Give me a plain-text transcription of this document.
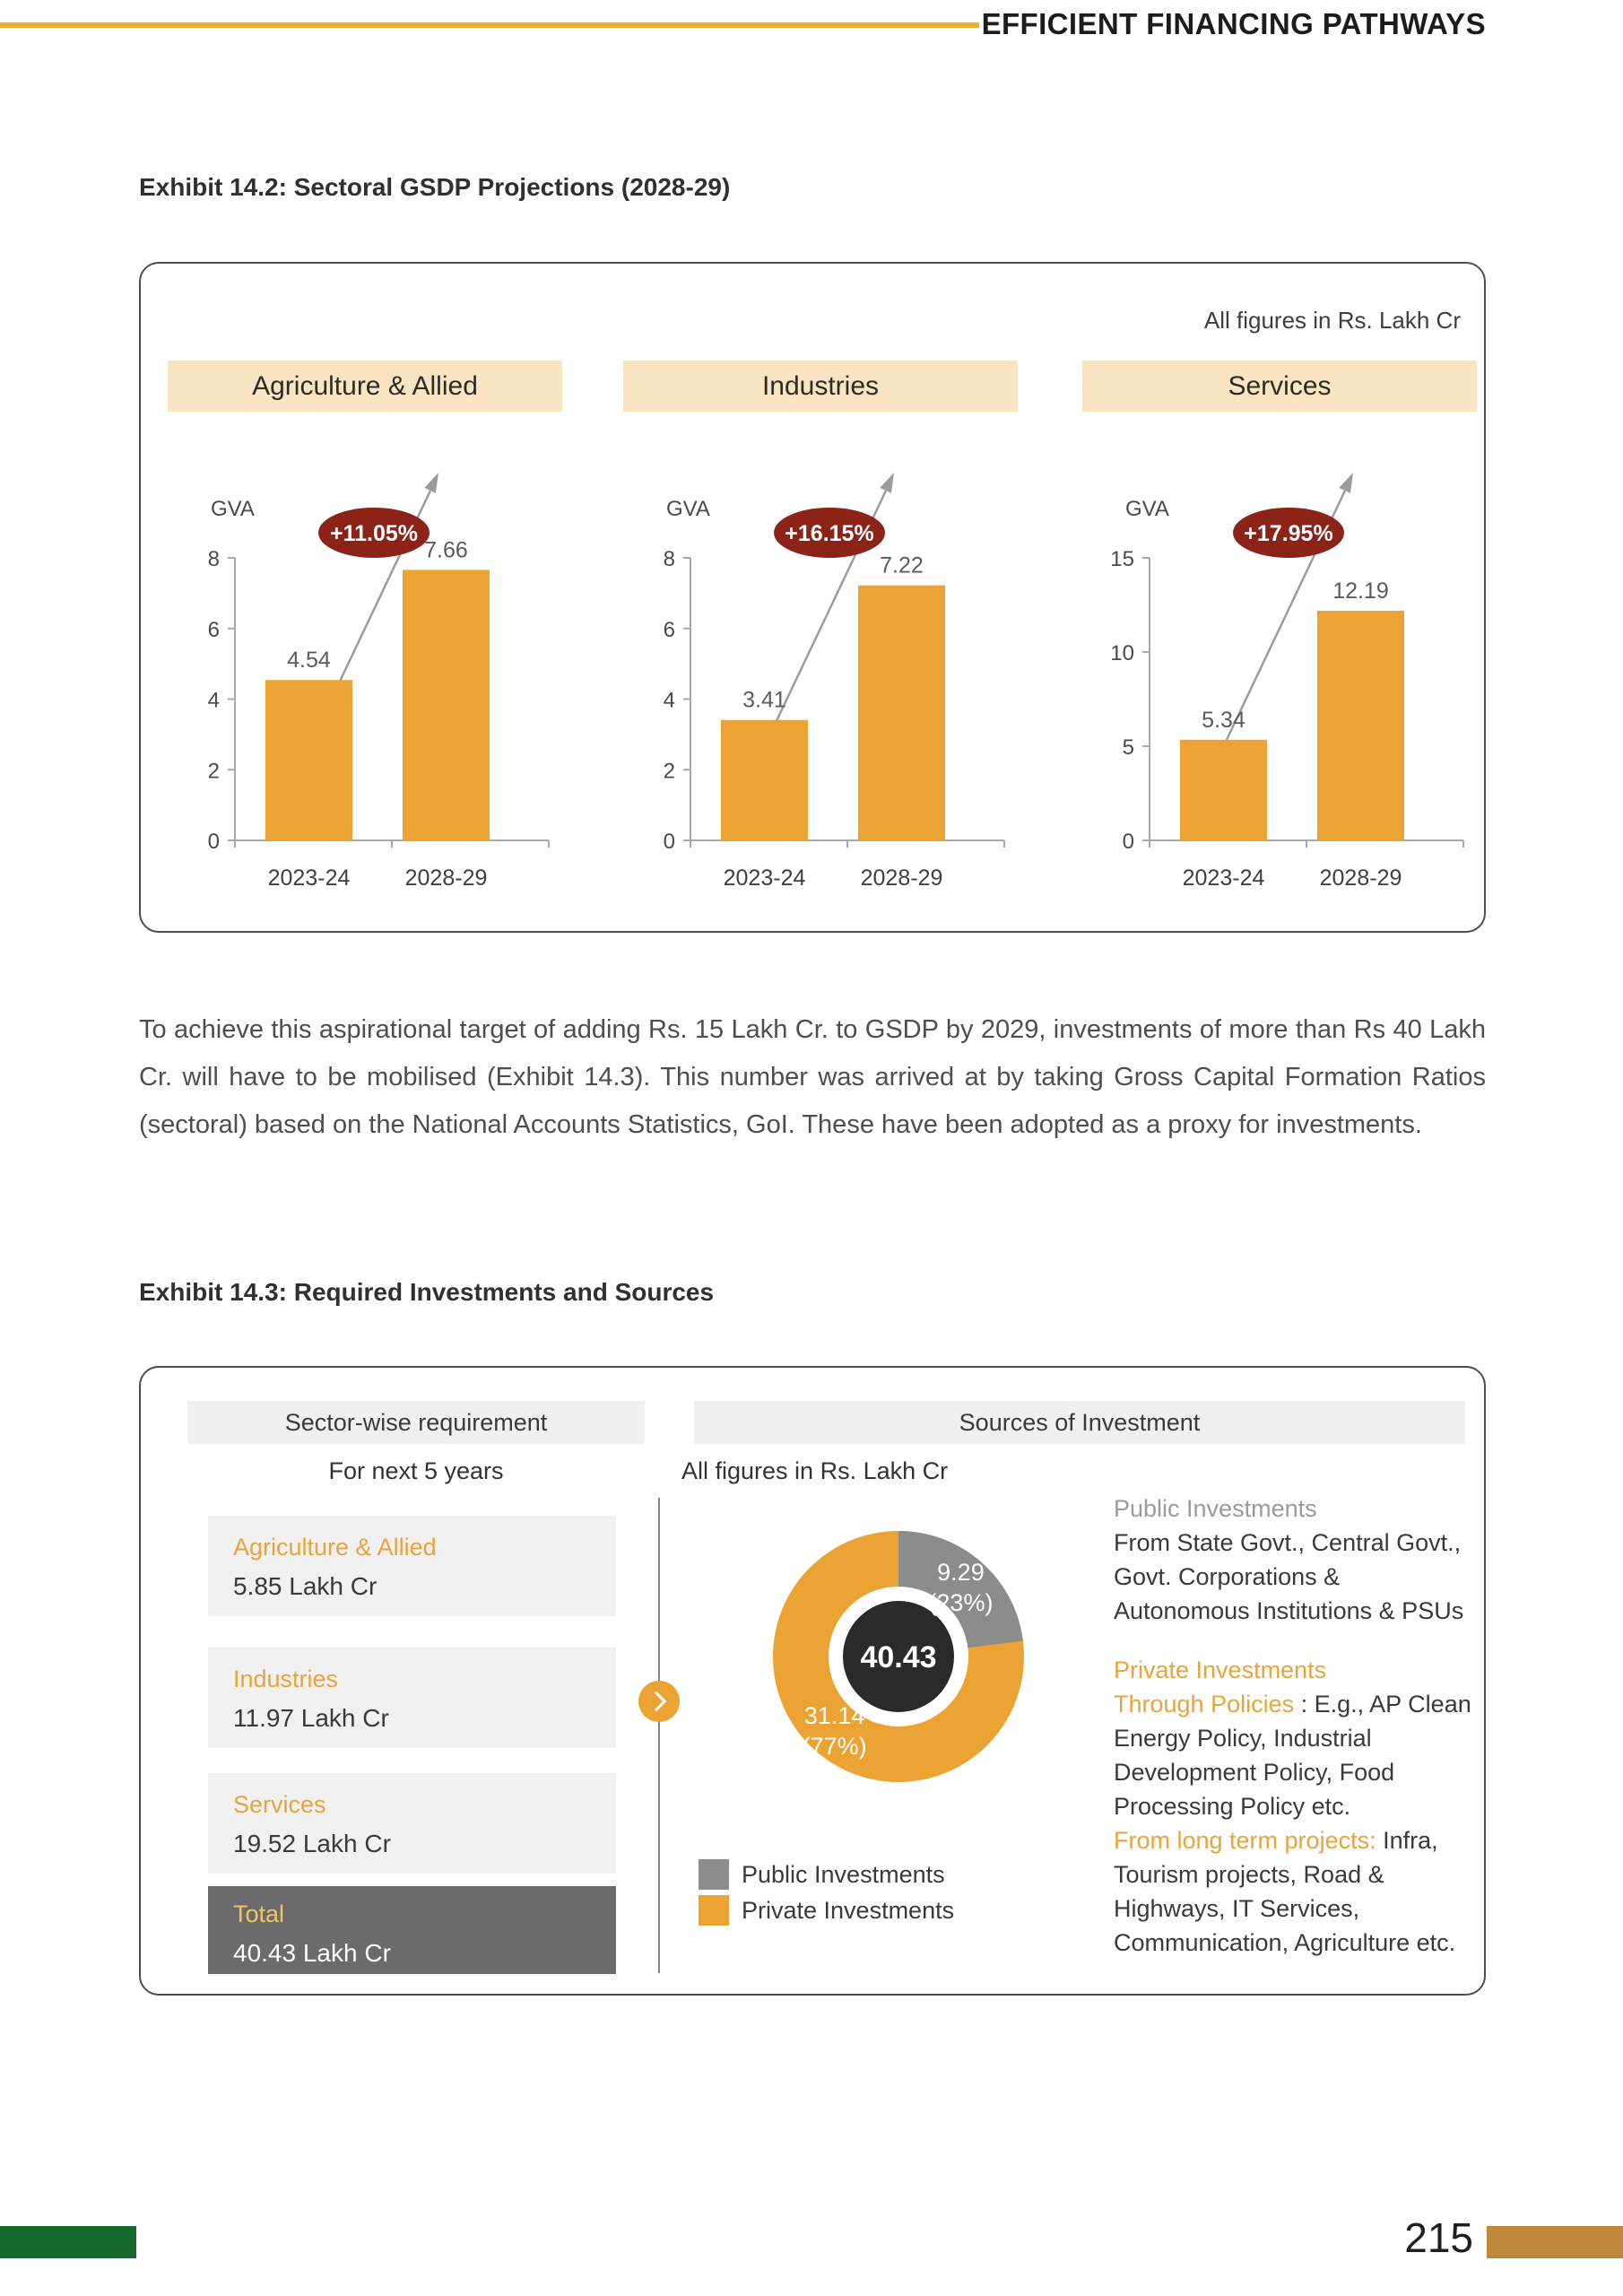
EFFICIENT FINANCING PATHWAYS
Exhibit 14.2: Sectoral GSDP Projections (2028-29)
All figures in Rs. Lakh Cr
Agriculture & Allied
GVA
0
2
4
6
8
4.54
2023-24
7.66
2028-29
+11.05%
Industries
GVA
0
2
4
6
8
3.41
2023-24
7.22
2028-29
+16.15%
Services
GVA
0
5
10
15
5.34
2023-24
12.19
2028-29
+17.95%

To achieve this aspirational target of adding Rs. 15 Lakh Cr. to GSDP by 2029, investments of more than Rs 40 Lakh Cr. will have to be mobilised (Exhibit 14.3). This number was arrived at by taking Gross Capital Formation Ratios (sectoral) based on the National Accounts Statistics, GoI. These have been adopted as a proxy for investments.

Exhibit 14.3: Required Investments and Sources
Sector-wise requirement	Sources of Investment
For next 5 years	All figures in Rs. Lakh Cr
Agriculture & Allied
5.85 Lakh Cr
Industries
11.97 Lakh Cr
Services
19.52 Lakh Cr
Total
40.43 Lakh Cr
9.29
(23%)
31.14
(77%)
40.43
Public Investments
Private Investments

Public Investments

From State Govt., Central Govt., Govt. Corporations & Autonomous Institutions & PSUs

Private Investments

Through Policies : E.g., AP Clean Energy Policy, Industrial Development Policy, Food Processing Policy etc.

From long term projects: Infra, Tourism projects, Road & Highways, IT Services, Communication, Agriculture etc.

215
